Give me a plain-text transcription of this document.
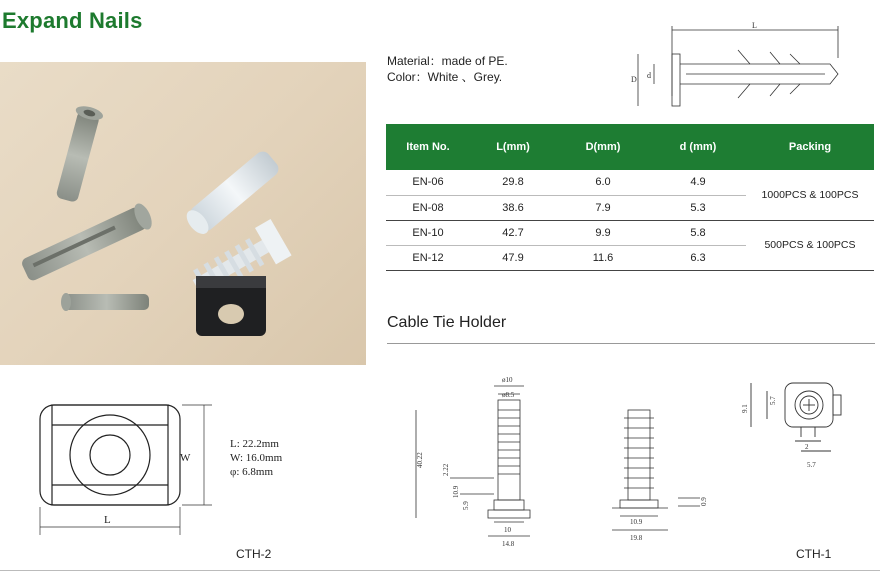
Expand Nails
Material：made of PE.
Color：White 、Grey.
L
D d
Item No.	L(mm)	D(mm)	d (mm)	Packing
EN-06	29.8	6.0	4.9	1000PCS & 100PCS
EN-08	38.6	7.9	5.3	
EN-10	42.7	9.9	5.8	500PCS & 100PCS
EN-12	47.9	11.6	6.3	
Cable Tie Holder
L
W
L: 22.2mm
W: 16.0mm
φ: 6.8mm
CTH-2
ø10
ø8.5
40.22
2.22
10.9
5.9
10
14.8
10.9
19.8
0.9
9.1
5.7
2
5.7
CTH-1
